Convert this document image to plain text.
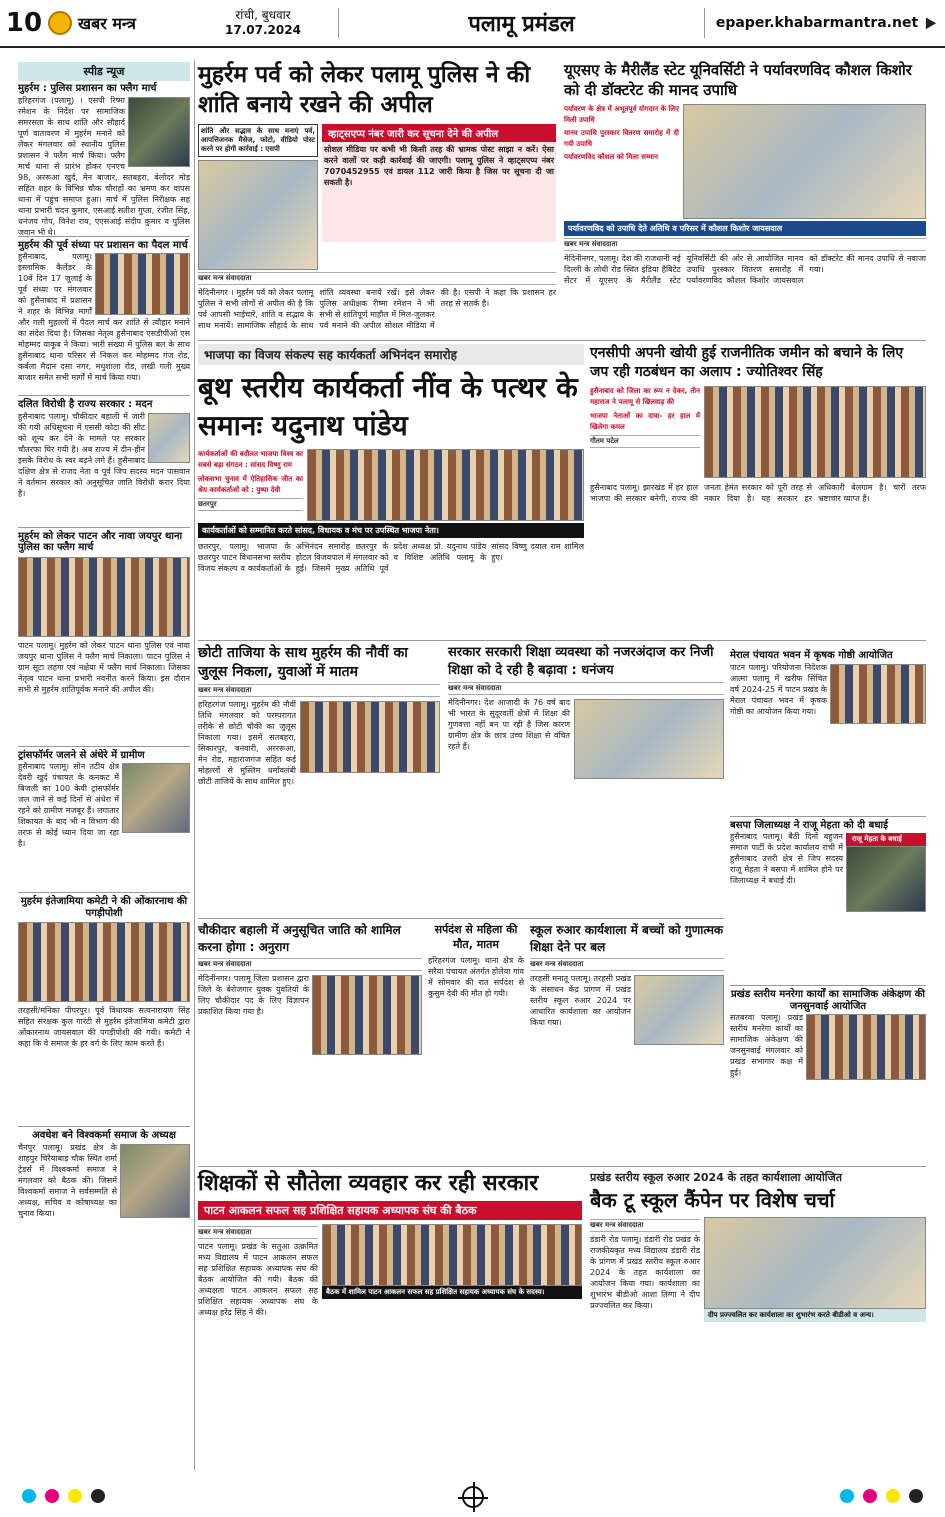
10	खबर मन्त्र	रांची, बुधवार
17.07.2024	पलामू प्रमंडल	epaper.khabarmantra.net
स्पीड न्यूज
मुहर्रम : पुलिस प्रशासन का फ्लैग मार्च
हरिहरगंज (पलामू) । एसपी रिष्मा रमेशन के निर्देश पर सामाजिक समरसता के साथ शांति और सौहार्द पूर्ण वातावरण में मुहर्रम मनाने को लेकर मंगलवार को स्थानीय पुलिस प्रशासन ने फ्लैग मार्च किया। फ्लैग मार्च थाना से प्रारंभ होकर एनएच 98, अररूआ खुर्द, मेन बाजार, सतबहरा, बेलोदर मोड़ सहित शहर के विभिन्न चौक चौराहों का भ्रमण कर वापस थाना में पहुंच समाप्त हुआ। मार्च में पुलिस निरीक्षक सह थाना प्रभारी चंदन कुमार, एसआई सतीश गुप्ता, रंजीत सिंह, धनंजय गोप, विनेश राय, एएसआई संदीप कुमार व पुलिस जवान भी थे।
मुहर्रम की पूर्व संध्या पर प्रशासन का पैदल मार्च
हुसैनाबाद, पलामू। इस्लामिक कैलेंडर के 10वें दिन 17 जुलाई के पूर्व संध्या पर मंगलवार को हुसैनाबाद में प्रशासन ने शहर के विभिन्न मार्गों और गली मुहल्लों में पैदल मार्च कर शांति से त्यौहार मनाने का संदेश दिया है। जिसका नेतृत्व हुसैनाबाद एसडीपीओ एस मोहम्मद याकूब ने किया। भारी संख्या में पुलिस बल के साथ हुसैनाबाद थाना परिसर से निकल कर मोहम्मद गंज रोड, कर्बला मैदान दसा नगर, मधुशाला रोड, लखी गली मुख्य बाजार समेत सभी मार्गों में मार्च किया गया।
दलित विरोधी है राज्य सरकार : मदन
हुसैनाबाद पलामू। चौकीदार बहाली में जारी की गयी अधिसूचना में एससी कोटा की सीट को शून्य कर देने के मामले पर सरकार चौतरफा घिर गयी है। अब राज्य में दीन-हीन इसके विरोध के स्वर बढ़ने लगे हैं। हुसैनाबाद दक्षिण क्षेत्र से राजद नेता व पूर्व जिप सदस्य मदन पासवान ने वर्तमान सरकार को अनुसूचित जाति विरोधी करार दिया है।
मुहर्रम को लेकर पाटन और नावा जयपुर थाना पुलिस का फ्लैग मार्च
पाटन पलामू। मुहर्रम को लेकर पाटन थाना पुलिस एवं नावा जयपुर थाना पुलिस ने फ्लैग मार्च निकाला। पाटन पुलिस ने ग्राम सूटा लहंगा एवं नक्षेया में फ्लैग मार्च निकाला। जिसका नेतृत्व पाटन थाना प्रभारी नवनीत करने किया। इस दौरान सभी से मुहर्रम शांतिपूर्वक मनाने की अपील की।
ट्रांसफॉर्मर जलने से अंधेरे में ग्रामीण
हुसैनाबाद पलामू। सोन तटीय क्षेत्र देवरी खुर्द पंचायत के कनकट में बिजली का 100 केवी ट्रांसफॉर्मर जल जाने से कई दिनों से अंधेरा में रहने को ग्रामीण मजबूर हैं। लगातार शिकायत के बाद भी न विभाग की तरफ से कोई ध्यान दिया जा रहा है।
मुहर्रम इंतेजामिया कमेटी ने की ओंकारनाथ की पगड़ीपोशी
तरहसी/मनिका पीपरपुर। पूर्व विधायक सत्यनारायण सिंह सहित संरक्षक कुल गारंटी से मुहर्रम इंतेजामिया कमेटी द्वारा ओंकारनाथ जायसवाल की पगड़ीपोशी की गयी। कमेटी ने कहा कि वे समाज के हर वर्ग के लिए काम करते हैं।
अवधेश बने विश्वकर्मा समाज के अध्यक्ष
चैनपुर पलामू। प्रखंड क्षेत्र के शाहपुर चिरैयाबाड़ चौक स्थित शर्मा ट्रेडर्स में विश्वकर्मा समाज ने मंगलवार को बैठक की। जिसमें विश्वकर्मा समाज ने सर्वसम्मति से अध्यक्ष, सचिव व कोषाध्यक्ष का चुनाव किया।
मुहर्रम पर्व को लेकर पलामू पुलिस ने की शांति बनाये रखने की अपील
शांति और सद्भाव के साथ मनाएं पर्व, आपत्तिजनक मैसेज, फोटो, वीडियो पोस्ट करने पर होगी कार्रवाई : एसपी
व्हाट्सएप्प नंबर जारी कर सूचना देने की अपील
सोशल मीडिया पर कभी भी किसी तरह की भ्रामक पोस्ट साझा न करें। ऐसा करने वालों पर कड़ी कार्रवाई की जाएगी। पलामू पुलिस ने व्हाट्सएप्प नंबर 7070452955 एवं डायल 112 जारी किया है जिस पर सूचना दी जा सकती है।
खबर मन्त्र संवाददाता
मेदिनीनगर । मुहर्रम पर्व को लेकर पलामू पुलिस ने सभी लोगों से अपील की है कि पर्व आपसी भाईचारे, शांति व सद्भाव के साथ मनायें। सामाजिक सौहार्द के साथ शांति व्यवस्था बनाये रखें। इसे लेकर पुलिस अधीक्षक रीष्मा रमेशन ने भी सभी से शांतिपूर्ण माहौल में मिल-जुलकर पर्व मनाने की अपील सोशल मीडिया में की है। एसपी ने कहा कि प्रशासन हर तरह से सतर्क है।
यूएसए के मैरीलैंड स्टेट यूनिवर्सिटी ने पर्यावरणविद कौशल किशोर को दी डॉक्टरेट की मानद उपाधि
पर्यावरण के क्षेत्र में अभूतपूर्व योगदान के लिए मिली उपाधि
मानव उपाधि पुरस्कार वितरण समारोह में दी गयी उपाधि
पर्यावरणविद कौशल को मिला सम्मान
पर्यावरणविद को उपाधि देते अतिथि व परिसर में कौशल किशोर जायसवाल
खबर मन्त्र संवाददाता
मेदिनीनगर, पलामू। देश की राजधानी नई दिल्ली के लोधी रोड स्थित इंडिया हैबिटेट सेंटर में यूएसए के मैरीलैंड स्टेट यूनिवर्सिटी की ओर से आयोजित मानव उपाधि पुरस्कार वितरण समारोह में पर्यावरणविद कौशल किशोर जायसवाल को डॉक्टरेट की मानद उपाधि से नवाजा गया।
भाजपा का विजय संकल्प सह कार्यकर्ता अभिनंदन समारोह
बूथ स्तरीय कार्यकर्ता नींव के पत्थर के समानः यदुनाथ पांडेय
कार्यकर्ताओं की बदौलत भाजपा विश्व का सबसे बड़ा संगठन : सांसद विष्णु राम
लोकसभा चुनाव में ऐतिहासिक जीत का श्रेय कार्यकर्ताओं को : पुष्पा देवी
छतरपुर
कार्यकर्ताओं को सम्मानित करते सांसद, विधायक व मंच पर उपस्थित भाजपा नेता।
छतरपुर, पलामू। भाजपा के छतरपुर पाटन विधानसभा स्तरीय विजय संकल्प व कार्यकर्ताओं के अभिनंदन समारोह छतरपुर के होटल विजयपाल में मंगलवार को हुई। जिसमें मुख्य अतिथि पूर्व प्रदेश अध्यक्ष प्रो. यदुनाथ पांडेय व विशिष्ट अतिथि पलामू के सांसद विष्णु दयाल राम शामिल हुए।
एनसीपी अपनी खोयी हुई राजनीतिक जमीन को बचाने के लिए जप रही गठबंधन का अलाप : ज्योतिश्वर सिंह
हुसैनाबाद को जिला का रूप न देकर, तीन महाराज ने पलामू से खिलवाड़ की
भाजपा नेताओं का दावा- हर हाल में खिलेगा कमल
गौतम पटेल
हुसैनाबाद पलामू। झारखंड में हर हाल भाजपा की सरकार बनेगी, राज्य की जनता हेमंत सरकार को पूरी तरह से नकार दिया है। यह सरकार हर अधिकारी बेलगाम है। चारों तरफ भ्रष्टाचार व्याप्त है।
छोटी ताजिया के साथ मुहर्रम की नौवीं का जुलूस निकला, युवाओं में मातम
खबर मन्त्र संवाददाता
हरिहरगंज पलामू। मुहर्रम की नौवीं तिथि मंगलवार को परम्परागत तरीके से छोटी चौकी का जुलूस निकाला गया। इसमें सतबहरा, सिकारपुर, बनवारी, अरररूआ, मेन रोड, महाराजगंज सहित कई मोहल्लों से मुस्लिम धर्मावलंबी छोटी ताजियें के साथ शामिल हुए।
सरकार सरकारी शिक्षा व्यवस्था को नजरअंदाज कर निजी शिक्षा को दे रही है बढ़ावा : धनंजय
खबर मन्त्र संवाददाता
मेदिनीनगर। देश आजादी के 76 वर्ष बाद भी भारत के सुदूरवर्ती क्षेत्रों में शिक्षा की गुणवत्ता नहीं बन पा रही है जिस कारण ग्रामीण क्षेत्र के छात्र उच्च शिक्षा से वंचित रहते हैं।
मेराल पंचायत भवन में कृषक गोष्ठी आयोजित
पाटन पलामू। परियोजना निदेशक आत्मा पलामू में खरीफ सिंचित वर्ष 2024-25 में पाटन प्रखंड के मेराल पंचायत भवन में कृषक गोष्ठी का आयोजन किया गया।
बसपा जिलाध्यक्ष ने राजू मेहता को दी बधाई
राजू मेहता के बधाई
हुसैनाबाद पलामू। बैठी दिनों बहुजन समाज पार्टी के प्रदेश कार्यालय रांची में हुसैनाबाद उत्तरी क्षेत्र से जिप सदस्य राजू मेहता ने बसपा में शामिल होने पर जिलाध्यक्ष ने बधाई दी।
प्रखंड स्तरीय मनरेगा कार्यों का सामाजिक अंकेक्षण की जनसुनवाई आयोजित
सतबरवा पलामू। प्रखंड स्तरीय मनरेगा कार्यों का सामाजिक अंकेक्षण की जनसुनवाई मंगलवार को प्रखंड सभागार कक्ष में हुई।
चौकीदार बहाली में अनुसूचित जाति को शामिल करना होगा : अनुराग
खबर मन्त्र संवाददाता
मेदिनीनगर। पलामू जिला प्रशासन द्वारा जिले के बेरोजगार युवक युवतियों के लिए चौकीदार पद के लिए विज्ञापन प्रकाशित किया गया है।
सर्पदंश से महिला की मौत, मातम
हरिहरगंज पलामू। थाना क्षेत्र के सरैया पंचायत अंतर्गत होलेया गांव में सोमवार की रात सर्पदंश से कुसुम देवी की मौत हो गयी।
स्कूल रुआर कार्यशाला में बच्चों को गुणात्मक शिक्षा देने पर बल
खबर मन्त्र संवाददाता
तरहसी मनातू पलामू। तरहसी प्रखंड के संसाधन केंद्र प्रांगण में प्रखंड स्तरीय स्कूल रुआर 2024 पर आधारित कार्यशाला का आयोजन किया गया।
शिक्षकों से सौतेला व्यवहार कर रही सरकार
पाटन आकलन सफल सह प्रशिक्षित सहायक अध्यापक संघ की बैठक
खबर मन्त्र संवाददाता
पाटन पलामू। प्रखंड के सतुआ उत्क्रमित मध्य विद्यालय में पाटन आकलन सफल सह प्रशिक्षित सहायक अध्यापक संघ की बैठक आयोजित की गयी। बैठक की अध्यक्षता पाटन आकलन सफल सह प्रशिक्षित सहायक अध्यापक संघ के अध्यक्ष हरेंद्र सिंह ने की।
बैठक में शामिल पाटन आकलन सफल सह प्रशिक्षित सहायक अध्यापक संघ के सदस्य।
प्रखंड स्तरीय स्कूल रुआर 2024 के तहत कार्यशाला आयोजित
बैक टू स्कूल कैंपेन पर विशेष चर्चा
खबर मन्त्र संवाददाता
डंडारी रोड पलामू। डंडारी रोड प्रखंड के राजकीयकृत मध्य विद्यालय डंडारी रोड के प्रांगण में प्रखंड स्तरीय स्कूल रुआर 2024 के तहत कार्यशाला का आयोजन किया गया। कार्यशाला का शुभारंभ बीडीओ आशा तिग्गा ने दीप प्रज्ज्वलित कर किया।
दीप प्रज्ज्वलित कर कार्यशाला का शुभारंभ करते बीडीओ व अन्य।
